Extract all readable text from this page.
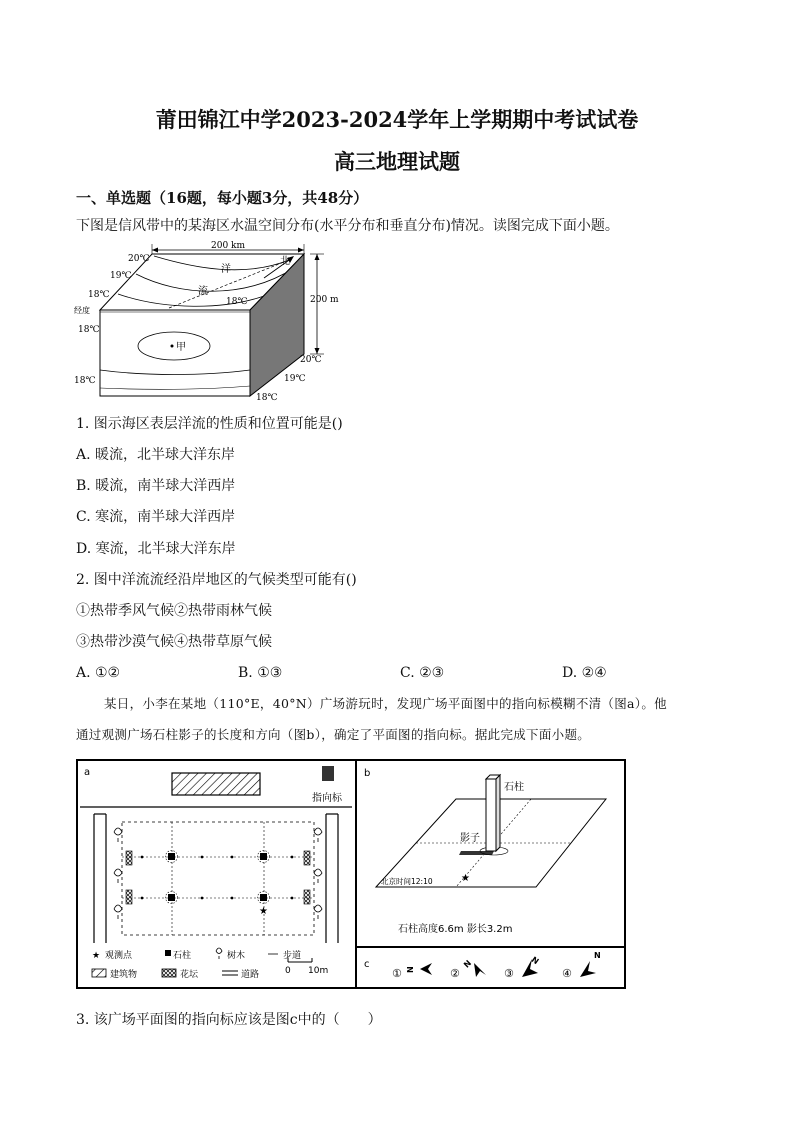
莆田锦江中学2023-2024学年上学期期中考试试卷
高三地理试题
一、单选题（16题，每小题3分，共48分）
下图是信风带中的某海区水温空间分布(水平分布和垂直分布)情况。读图完成下面小题。
200 km
洋
流
北
20℃
19℃
18℃
经度
18℃
甲
18℃
18℃
200 m
20℃
19℃
18℃
1. 图示海区表层洋流的性质和位置可能是()
A. 暖流，北半球大洋东岸
B. 暖流，南半球大洋西岸
C. 寒流，南半球大洋西岸
D. 寒流，北半球大洋东岸
2. 图中洋流流经沿岸地区的气候类型可能有()
①热带季风气候②热带雨林气候
③热带沙漠气候④热带草原气候
A. ①②	B. ①③	C. ②③	D. ②④
某日，小李在某地（110°E，40°N）广场游玩时，发现广场平面图中的指向标模糊不清（图a）。他
通过观测广场石柱影子的长度和方向（图b），确定了平面图的指向标。据此完成下面小题。
a
指向标
★
★ 观测点	石柱	树木	步道
建筑物	花坛	道路	0 10m
b
石柱
影子
★
北京时间12:10
石柱高度6.6m 影长3.2m
c
① N	②
N
③
N
④
N
3. 该广场平面图的指向标应该是图c中的（　　）
